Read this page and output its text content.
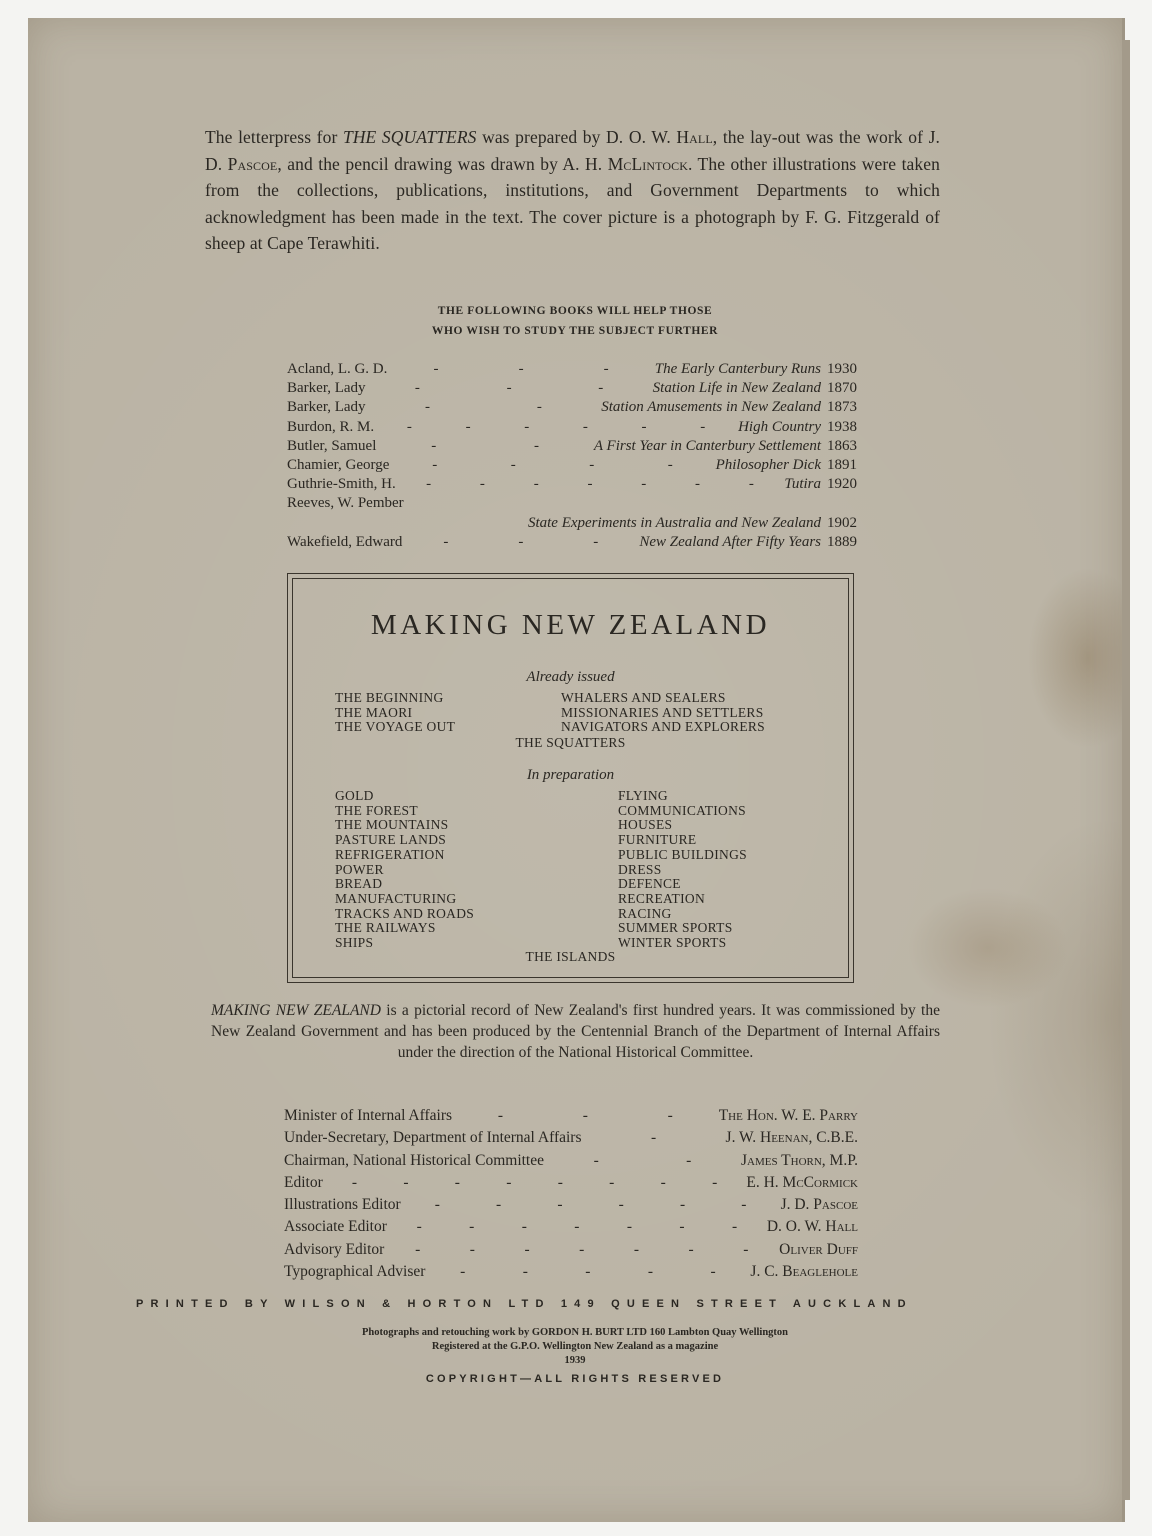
The letterpress for THE SQUATTERS was prepared by D. O. W. Hall, the lay-out was the work of J. D. Pascoe, and the pencil drawing was drawn by A. H. McLintock. The other illustrations were taken from the collections, publications, institutions, and Government Departments to which acknowledgment has been made in the text. The cover picture is a photograph by F. G. Fitzgerald of sheep at Cape Terawhiti.
THE FOLLOWING BOOKS WILL HELP THOSE
WHO WISH TO STUDY THE SUBJECT FURTHER
Acland, L. G. D.	-	-	-	The Early Canterbury Runs 1930
Barker, Lady	-	-	-	Station Life in New Zealand 1870
Barker, Lady	-	-	Station Amusements in New Zealand 1873
Burdon, R. M. -	-	-	-	-	- High Country 1938
Butler, Samuel	-	-	A First Year in Canterbury Settlement 1863
Chamier, George	-	-	-	-	Philosopher Dick 1891
Guthrie-Smith, H. -	-	-	-	-	-	- Tutira 1920
Reeves, W. Pember
State Experiments in Australia and New Zealand 1902
Wakefield, Edward	-	-	-	New Zealand After Fifty Years 1889
MAKING NEW ZEALAND
Already issued
THE BEGINNING
THE MAORI
THE VOYAGE OUT
WHALERS AND SEALERS
MISSIONARIES AND SETTLERS
NAVIGATORS AND EXPLORERS
THE SQUATTERS
In preparation
GOLD
THE FOREST
THE MOUNTAINS
PASTURE LANDS
REFRIGERATION
POWER
BREAD
MANUFACTURING
TRACKS AND ROADS
THE RAILWAYS
SHIPS
FLYING
COMMUNICATIONS
HOUSES
FURNITURE
PUBLIC BUILDINGS
DRESS
DEFENCE
RECREATION
RACING
SUMMER SPORTS
WINTER SPORTS
THE ISLANDS
MAKING NEW ZEALAND is a pictorial record of New Zealand's first hundred years. It was commissioned by the New Zealand Government and has been produced by the Centennial Branch of the Department of Internal Affairs under the direction of the National Historical Committee.
Minister of Internal Affairs	-	-	-	The Hon. W. E. Parry
Under-Secretary, Department of Internal Affairs	-	J. W. Heenan, C.B.E.
Chairman, National Historical Committee	-	-	James Thorn, M.P.
Editor -	-	-	-	-	-	-	- E. H. McCormick
Illustrations Editor -	-	-	-	-	- J. D. Pascoe
Associate Editor -	-	-	-	-	-	- D. O. W. Hall
Advisory Editor -	-	-	-	-	-	- Oliver Duff
Typographical Adviser -	-	-	-	- J. C. Beaglehole
PRINTED BY WILSON & HORTON LTD 149 QUEEN STREET AUCKLAND
Photographs and retouching work by GORDON H. BURT LTD 160 Lambton Quay Wellington
Registered at the G.P.O. Wellington New Zealand as a magazine
1939
COPYRIGHT—ALL RIGHTS RESERVED
